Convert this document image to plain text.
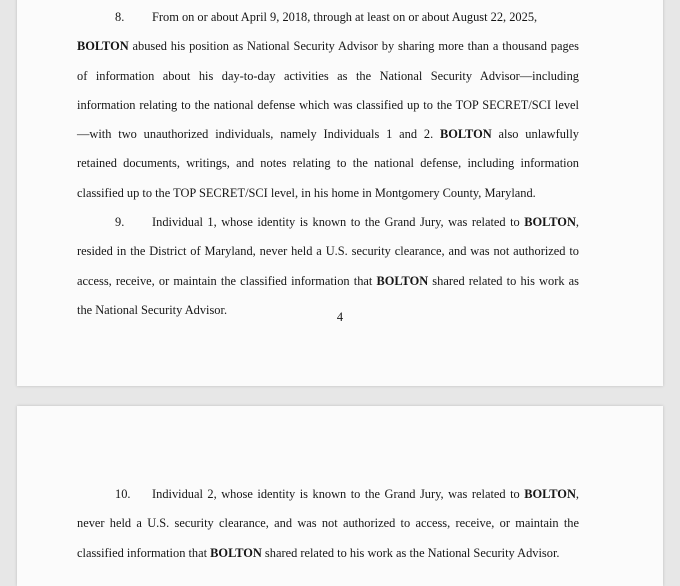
8. From on or about April 9, 2018, through at least on or about August 22, 2025,
BOLTON abused his position as National Security Advisor by sharing more than a thousand pages of information about his day-to-day activities as the National Security Advisor—including information relating to the national defense which was classified up to the TOP SECRET/SCI level—with two unauthorized individuals, namely Individuals 1 and 2. BOLTON also unlawfully retained documents, writings, and notes relating to the national defense, including information classified up to the TOP SECRET/SCI level, in his home in Montgomery County, Maryland.

9. Individual 1, whose identity is known to the Grand Jury, was related to BOLTON, resided in the District of Maryland, never held a U.S. security clearance, and was not authorized to access, receive, or maintain the classified information that BOLTON shared related to his work as the National Security Advisor.

4

10. Individual 2, whose identity is known to the Grand Jury, was related to BOLTON, never held a U.S. security clearance, and was not authorized to access, receive, or maintain the classified information that BOLTON shared related to his work as the National Security Advisor.
